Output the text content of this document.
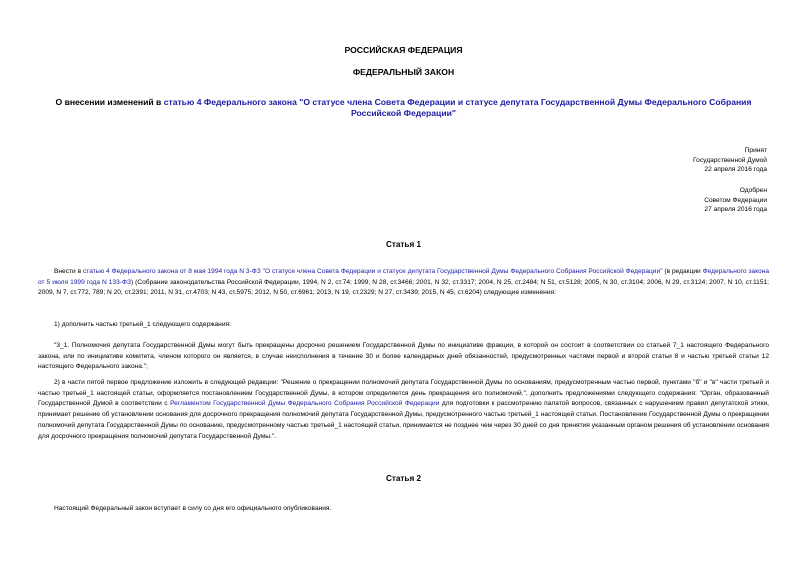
РОССИЙСКАЯ ФЕДЕРАЦИЯ
ФЕДЕРАЛЬНЫЙ ЗАКОН
О внесении изменений в статью 4 Федерального закона "О статусе члена Совета Федерации и статусе депутата Государственной Думы Федерального Собрания Российской Федерации"
Принят
Государственной Думой
22 апреля 2016 года
Одобрен
Советом Федерации
27 апреля 2016 года
Статья 1
Внести в статью 4 Федерального закона от 8 мая 1994 года N 3-ФЗ "О статусе члена Совета Федерации и статусе депутата Государственной Думы Федерального Собрания Российской Федерации" (в редакции Федерального закона от 5 июля 1999 года N 133-ФЗ) (Собрание законодательства Российской Федерации, 1994, N 2, ст.74; 1999, N 28, ст.3466; 2001, N 32, ст.3317; 2004, N 25, ст.2484; N 51, ст.5128; 2005, N 30, ст.3104; 2006, N 29, ст.3124; 2007, N 10, ст.1151; 2009, N 7, ст.772, 789; N 20, ст.2391; 2011, N 31, ст.4703; N 43, ст.5975; 2012, N 50, ст.6961; 2013, N 19, ст.2329; N 27, ст.3439; 2015, N 45, ст.6204) следующие изменения:
1) дополнить частью третьей_1 следующего содержания:
"3_1. Полномочия депутата Государственной Думы могут быть прекращены досрочно решением Государственной Думы по инициативе фракции, в которой он состоит в соответствии со статьей 7_1 настоящего Федерального закона, или по инициативе комитета, членом которого он является, в случае неисполнения в течение 30 и более календарных дней обязанностей, предусмотренных частями первой и второй статьи 8 и частью третьей статьи 12 настоящего Федерального закона.";
2) в части пятой первое предложение изложить в следующей редакции: "Решение о прекращении полномочий депутата Государственной Думы по основаниям, предусмотренным частью первой, пунктами "б" и "в" части третьей и частью третьей_1 настоящей статьи, оформляется постановлением Государственной Думы, в котором определяется день прекращения его полномочий.", дополнить предложениями следующего содержания: "Орган, образованный Государственной Думой в соответствии с Регламентом Государственной Думы Федерального Собрания Российской Федерации для подготовки к рассмотрению палатой вопросов, связанных с нарушением правил депутатской этики, принимает решение об установлении основания для досрочного прекращения полномочий депутата Государственной Думы, предусмотренного частью третьей_1 настоящей статьи. Постановление Государственной Думы о прекращении полномочий депутата Государственной Думы по основанию, предусмотренному частью третьей_1 настоящей статьи, принимается не позднее чем через 30 дней со дня принятия указанным органом решения об установлении основания для досрочного прекращения полномочий депутата Государственной Думы.".
Статья 2
Настоящий Федеральный закон вступает в силу со дня его официального опубликования.
